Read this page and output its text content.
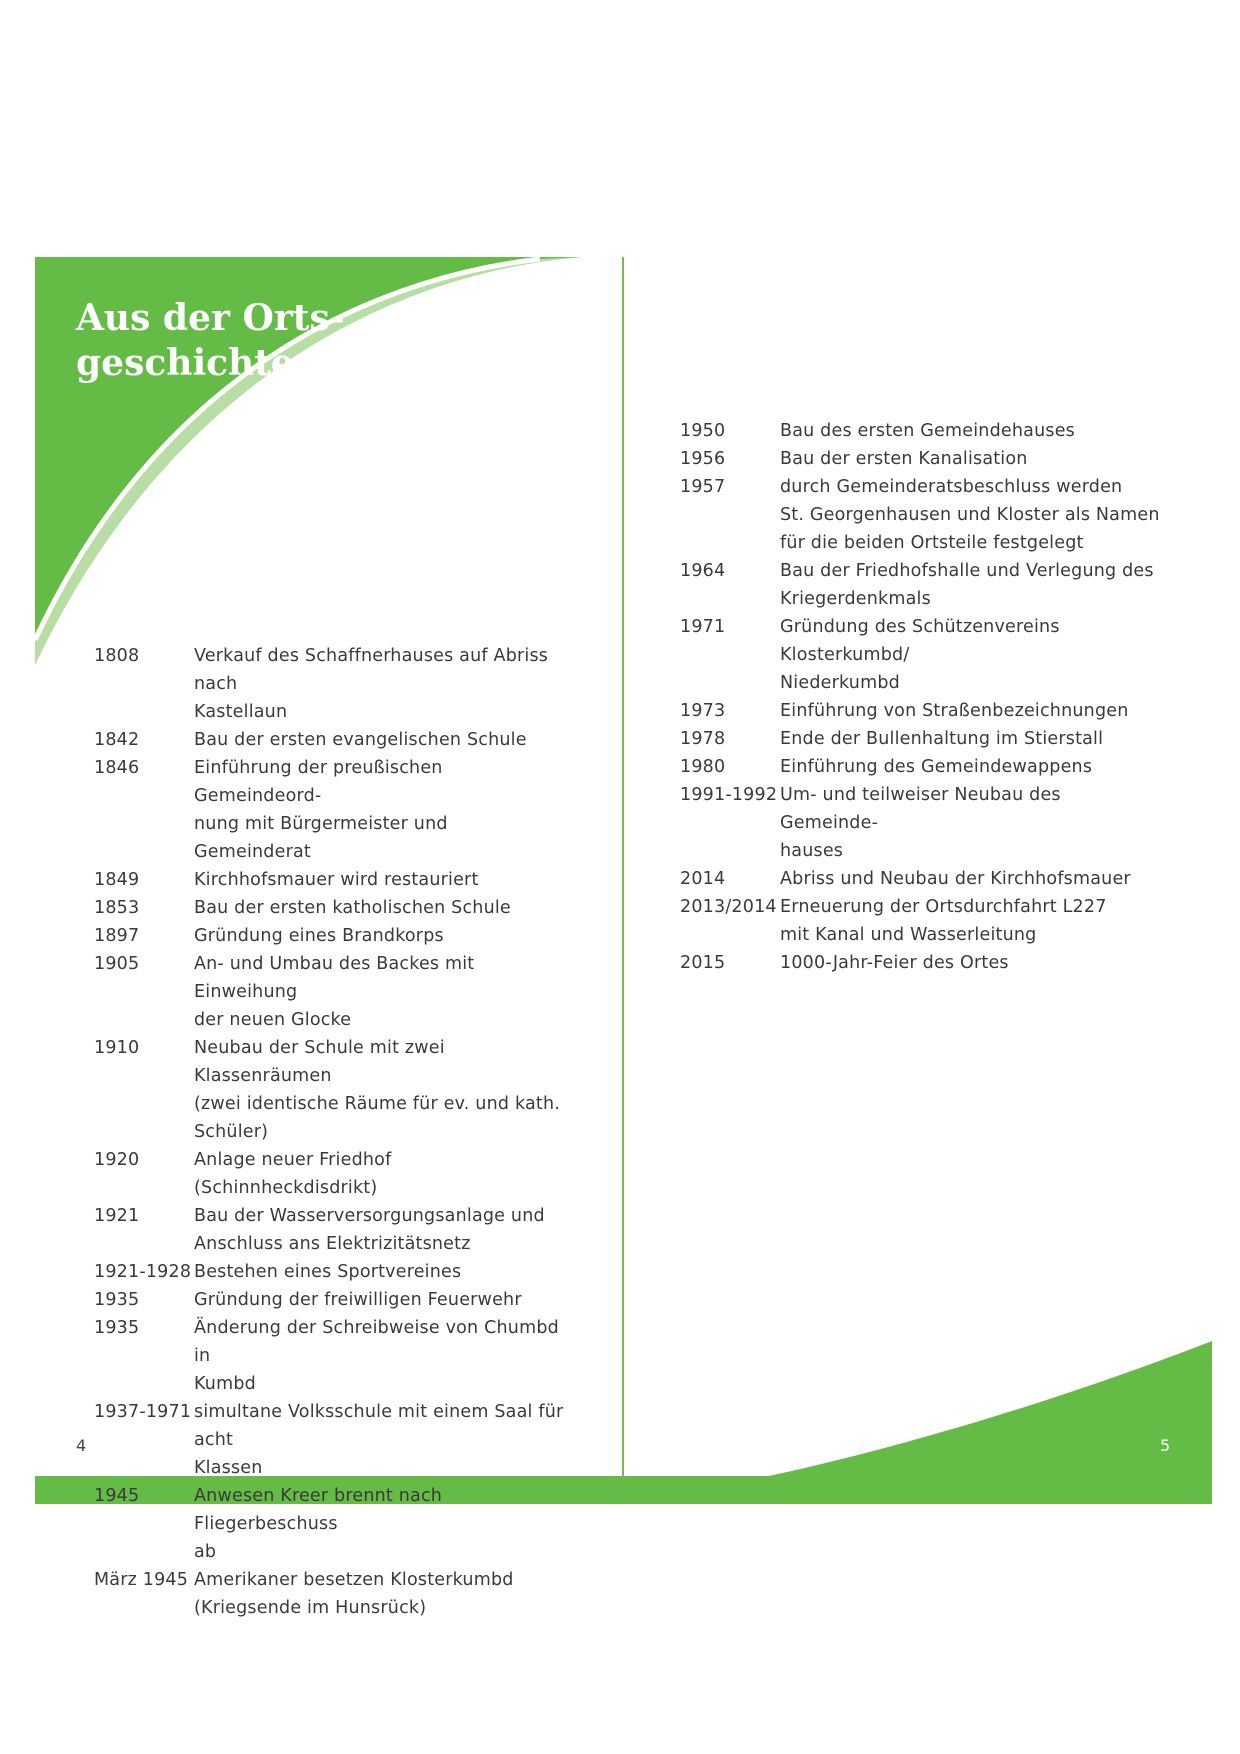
Aus der Orts-
geschichte
1808	Verkauf des Schaffnerhauses auf Abriss nach
Kastellaun
1842	Bau der ersten evangelischen Schule
1846	Einführung der preußischen Gemeindeord-
nung mit Bürgermeister und Gemeinderat
1849	Kirchhofsmauer wird restauriert
1853	Bau der ersten katholischen Schule
1897	Gründung eines Brandkorps
1905	An- und Umbau des Backes mit Einweihung
der neuen Glocke
1910	Neubau der Schule mit zwei Klassenräumen
(zwei identische Räume für ev. und kath.
Schüler)
1920	Anlage neuer Friedhof (Schinnheckdisdrikt)
1921	Bau der Wasserversorgungsanlage und
Anschluss ans Elektrizitätsnetz
1921-1928 Bestehen eines Sportvereines
1935	Gründung der freiwilligen Feuerwehr
1935	Änderung der Schreibweise von Chumbd in
Kumbd
1937-1971 simultane Volksschule mit einem Saal für acht
Klassen
1945	Anwesen Kreer brennt nach Fliegerbeschuss
ab
März 1945 Amerikaner besetzen Klosterkumbd
(Kriegsende im Hunsrück)
1950	Bau des ersten Gemeindehauses
1956	Bau der ersten Kanalisation
1957	durch Gemeinderatsbeschluss werden
St. Georgenhausen und Kloster als Namen
für die beiden Ortsteile festgelegt
1964	Bau der Friedhofshalle und Verlegung des
Kriegerdenkmals
1971	Gründung des Schützenvereins Klosterkumbd/
Niederkumbd
1973	Einführung von Straßenbezeichnungen
1978	Ende der Bullenhaltung im Stierstall
1980	Einführung des Gemeindewappens
1991-1992 Um- und teilweiser Neubau des Gemeinde-
hauses
2014	Abriss und Neubau der Kirchhofsmauer
2013/2014 Erneuerung der Ortsdurchfahrt L227
mit Kanal und Wasserleitung
2015	1000-Jahr-Feier des Ortes
4	5
